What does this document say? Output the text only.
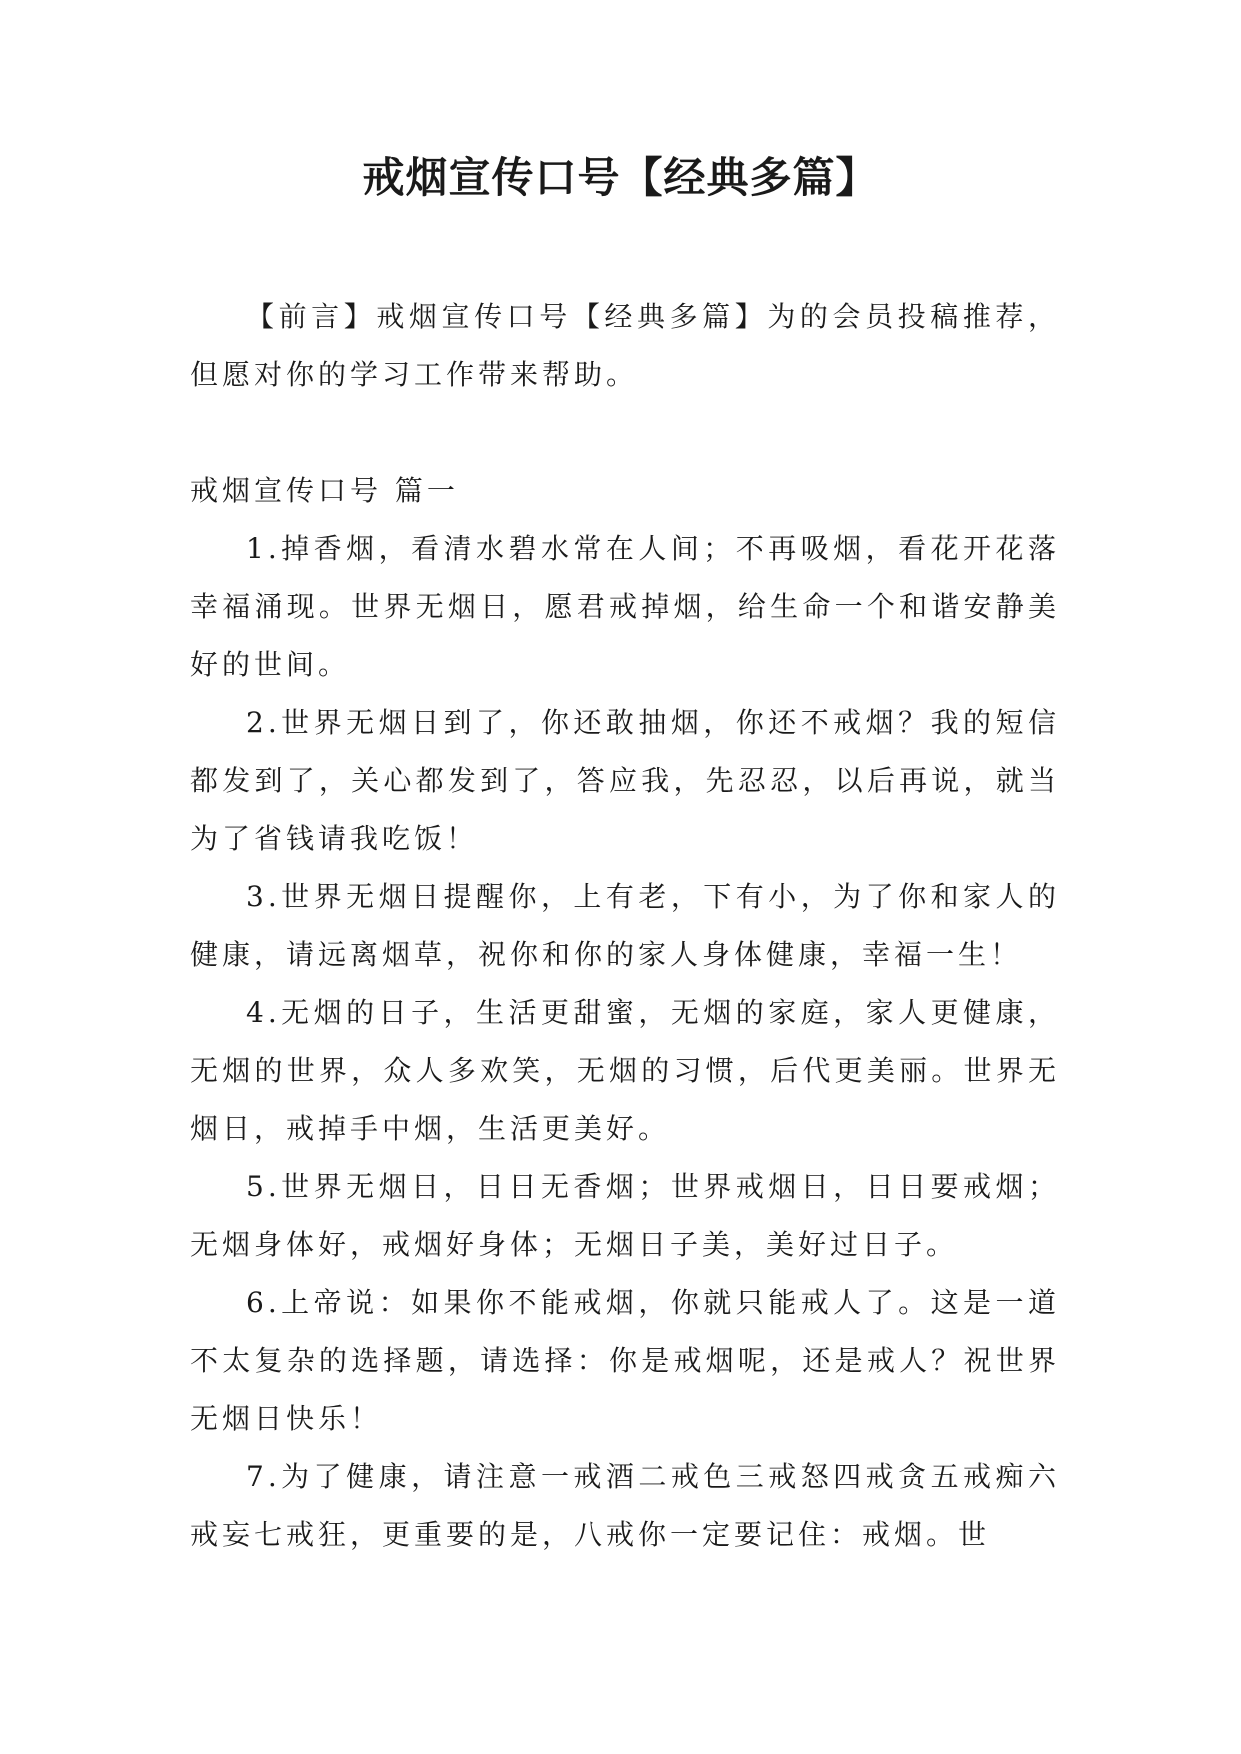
戒烟宣传口号【经典多篇】

【前言】戒烟宣传口号【经典多篇】为的会员投稿推荐，但愿对你的学习工作带来帮助。

戒烟宣传口号 篇一

1.掉香烟，看清水碧水常在人间；不再吸烟，看花开花落幸福涌现。世界无烟日，愿君戒掉烟，给生命一个和谐安静美好的世间。

2.世界无烟日到了，你还敢抽烟，你还不戒烟？我的短信都发到了，关心都发到了，答应我，先忍忍，以后再说，就当为了省钱请我吃饭！

3.世界无烟日提醒你，上有老，下有小，为了你和家人的健康，请远离烟草，祝你和你的家人身体健康，幸福一生！

4.无烟的日子，生活更甜蜜，无烟的家庭，家人更健康，无烟的世界，众人多欢笑，无烟的习惯，后代更美丽。世界无烟日，戒掉手中烟，生活更美好。

5.世界无烟日，日日无香烟；世界戒烟日，日日要戒烟；无烟身体好，戒烟好身体；无烟日子美，美好过日子。

6.上帝说：如果你不能戒烟，你就只能戒人了。这是一道不太复杂的选择题，请选择：你是戒烟呢，还是戒人？祝世界无烟日快乐！

7.为了健康，请注意一戒酒二戒色三戒怒四戒贪五戒痴六戒妄七戒狂，更重要的是，八戒你一定要记住：戒烟。世
